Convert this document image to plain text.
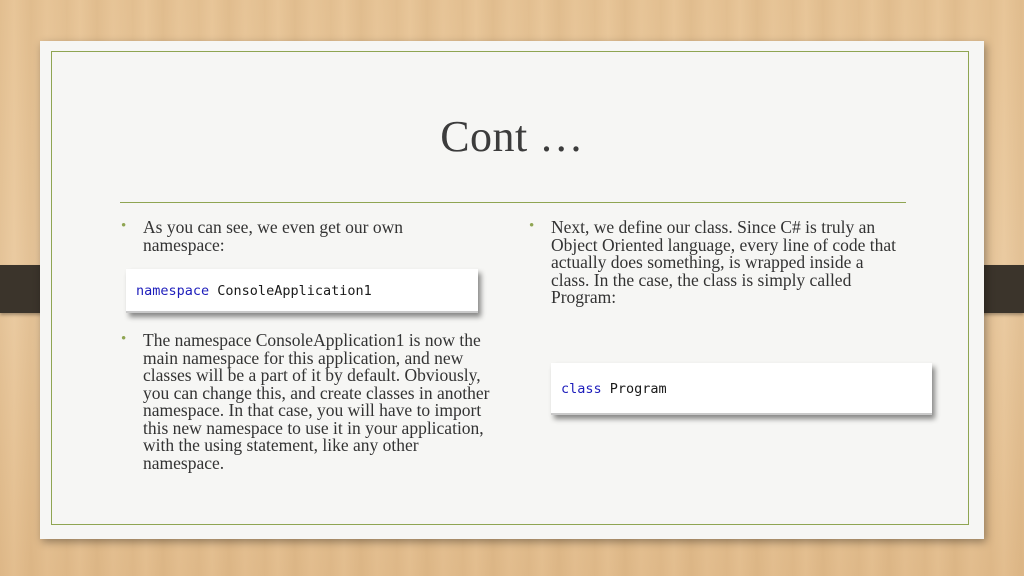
Cont …
• As you can see, we even get our own namespace:
namespace ConsoleApplication1
• The namespace ConsoleApplication1 is now the main namespace for this application, and new classes will be a part of it by default. Obviously, you can change this, and create classes in another namespace. In that case, you will have to import this new namespace to use it in your application, with the using statement, like any other namespace.
• Next, we define our class. Since C# is truly an Object Oriented language, every line of code that actually does something, is wrapped inside a class. In the case, the class is simply called Program:
class Program
